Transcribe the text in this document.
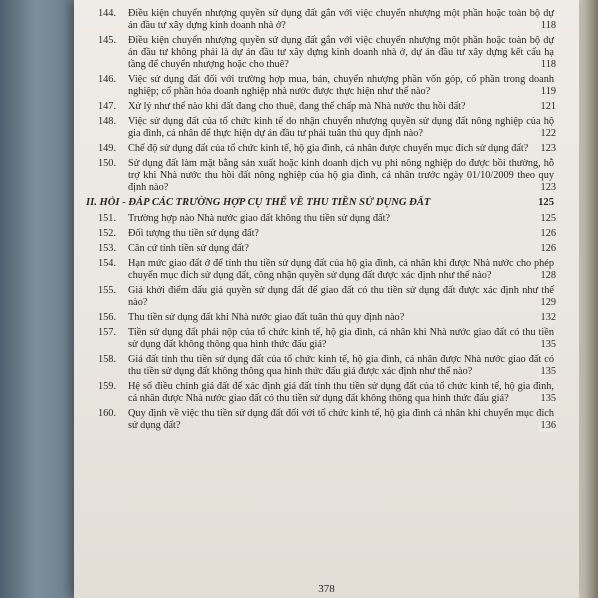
144.	Điều kiện chuyển nhượng quyền sử dụng đất gắn với việc chuyển nhượng một phần hoặc toàn bộ dự án đầu tư xây dựng kinh doanh nhà ở?	118
145.	Điều kiện chuyển nhượng quyền sử dụng đất gắn với việc chuyển nhượng một phần hoặc toàn bộ dự án đầu tư không phải là dự án đầu tư xây dựng kinh doanh nhà ở, dự án đầu tư xây dựng kết cấu hạ tầng để chuyển nhượng hoặc cho thuê?	118
146.	Việc sử dụng đất đối với trường hợp mua, bán, chuyển nhượng phần vốn góp, cổ phần trong doanh nghiệp; cổ phần hóa doanh nghiệp nhà nước được thực hiện như thế nào?	119
147.	Xử lý như thế nào khi đất đang cho thuê, đang thế chấp mà Nhà nước thu hồi đất?	121
148.	Việc sử dụng đất của tổ chức kinh tế do nhận chuyển nhượng quyền sử dụng đất nông nghiệp của hộ gia đình, cá nhân để thực hiện dự án đầu tư phải tuân thủ quy định nào?	122
149.	Chế độ sử dụng đất của tổ chức kinh tế, hộ gia đình, cá nhân được chuyển mục đích sử dụng đất?	123
150.	Sử dụng đất làm mặt bằng sản xuất hoặc kinh doanh dịch vụ phi nông nghiệp do được bồi thường, hỗ trợ khi Nhà nước thu hồi đất nông nghiệp của hộ gia đình, cá nhân trước ngày 01/10/2009 theo quy định nào?	123
II. HỎI - ĐÁP CÁC TRƯỜNG HỢP CỤ THỂ VỀ THU TIỀN SỬ DỤNG ĐẤT	125
151.	Trường hợp nào Nhà nước giao đất không thu tiền sử dụng đất?	125
152.	Đối tượng thu tiền sử dụng đất?	126
153.	Căn cứ tính tiền sử dụng đất?	126
154.	Hạn mức giao đất ở để tính thu tiền sử dụng đất của hộ gia đình, cá nhân khi được Nhà nước cho phép chuyển mục đích sử dụng đất, công nhận quyền sử dụng đất được xác định như thế nào?	128
155.	Giá khởi điểm đấu giá quyền sử dụng đất để giao đất có thu tiền sử dụng đất được xác định như thế nào?	129
156.	Thu tiền sử dụng đất khi Nhà nước giao đất tuân thủ quy định nào?	132
157.	Tiền sử dụng đất phải nộp của tổ chức kinh tế, hộ gia đình, cá nhân khi Nhà nước giao đất có thu tiền sử dụng đất không thông qua hình thức đấu giá?	135
158.	Giá đất tính thu tiền sử dụng đất của tổ chức kinh tế, hộ gia đình, cá nhân được Nhà nước giao đất có thu tiền sử dụng đất không thông qua hình thức đấu giá được xác định như thế nào?	135
159.	Hệ số điều chỉnh giá đất để xác định giá đất tính thu tiền sử dụng đất của tổ chức kinh tế, hộ gia đình, cá nhân được Nhà nước giao đất có thu tiền sử dụng đất không thông qua hình thức đấu giá?	135
160.	Quy định về việc thu tiền sử dụng đất đối với tổ chức kinh tế, hộ gia đình cá nhân khi chuyển mục đích sử dụng đất?	136
378
